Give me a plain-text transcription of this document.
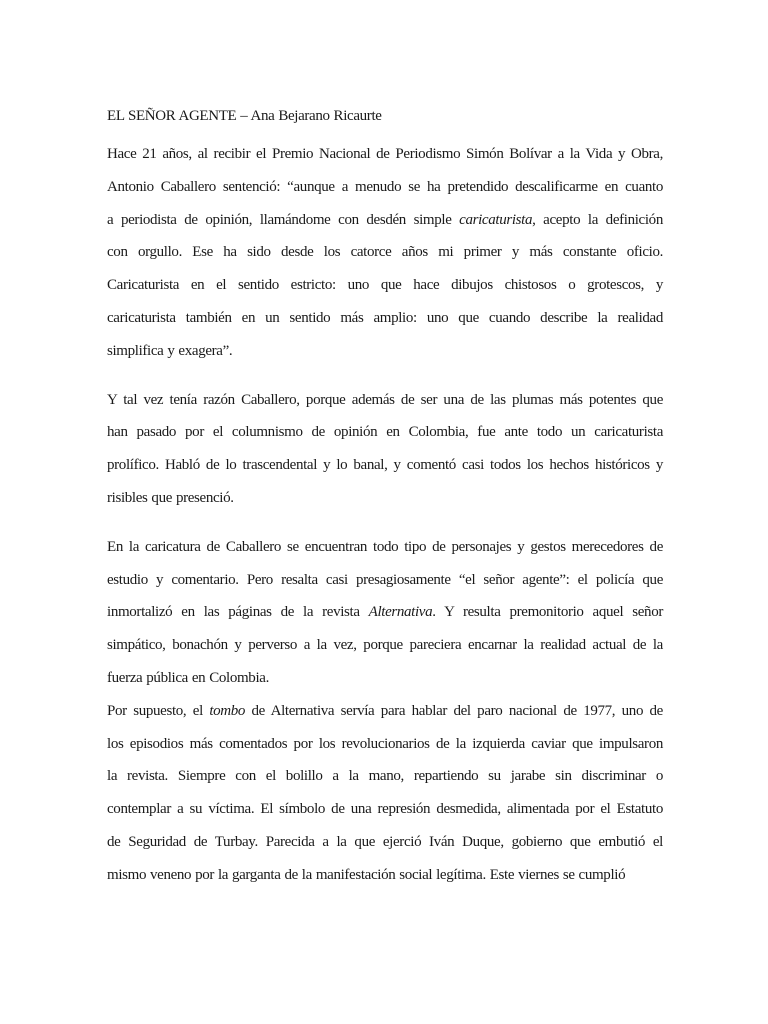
EL SEÑOR AGENTE – Ana Bejarano Ricaurte

Hace 21 años, al recibir el Premio Nacional de Periodismo Simón Bolívar a la Vida y Obra,
Antonio Caballero sentenció: “aunque a menudo se ha pretendido descalificarme en cuanto
a periodista de opinión, llamándome con desdén simple caricaturista, acepto la definición
con orgullo. Ese ha sido desde los catorce años mi primer y más constante oficio.
Caricaturista en el sentido estricto: uno que hace dibujos chistosos o grotescos, y
caricaturista también en un sentido más amplio: uno que cuando describe la realidad
simplifica y exagera”.

Y tal vez tenía razón Caballero, porque además de ser una de las plumas más potentes que
han pasado por el columnismo de opinión en Colombia, fue ante todo un caricaturista
prolífico. Habló de lo trascendental y lo banal, y comentó casi todos los hechos históricos y
risibles que presenció.

En la caricatura de Caballero se encuentran todo tipo de personajes y gestos merecedores de
estudio y comentario. Pero resalta casi presagiosamente “el señor agente”: el policía que
inmortalizó en las páginas de la revista Alternativa. Y resulta premonitorio aquel señor
simpático, bonachón y perverso a la vez, porque pareciera encarnar la realidad actual de la
fuerza pública en Colombia.

Por supuesto, el tombo de Alternativa servía para hablar del paro nacional de 1977, uno de
los episodios más comentados por los revolucionarios de la izquierda caviar que impulsaron
la revista. Siempre con el bolillo a la mano, repartiendo su jarabe sin discriminar o
contemplar a su víctima. El símbolo de una represión desmedida, alimentada por el Estatuto
de Seguridad de Turbay. Parecida a la que ejerció Iván Duque, gobierno que embutió el
mismo veneno por la garganta de la manifestación social legítima. Este viernes se cumplió
